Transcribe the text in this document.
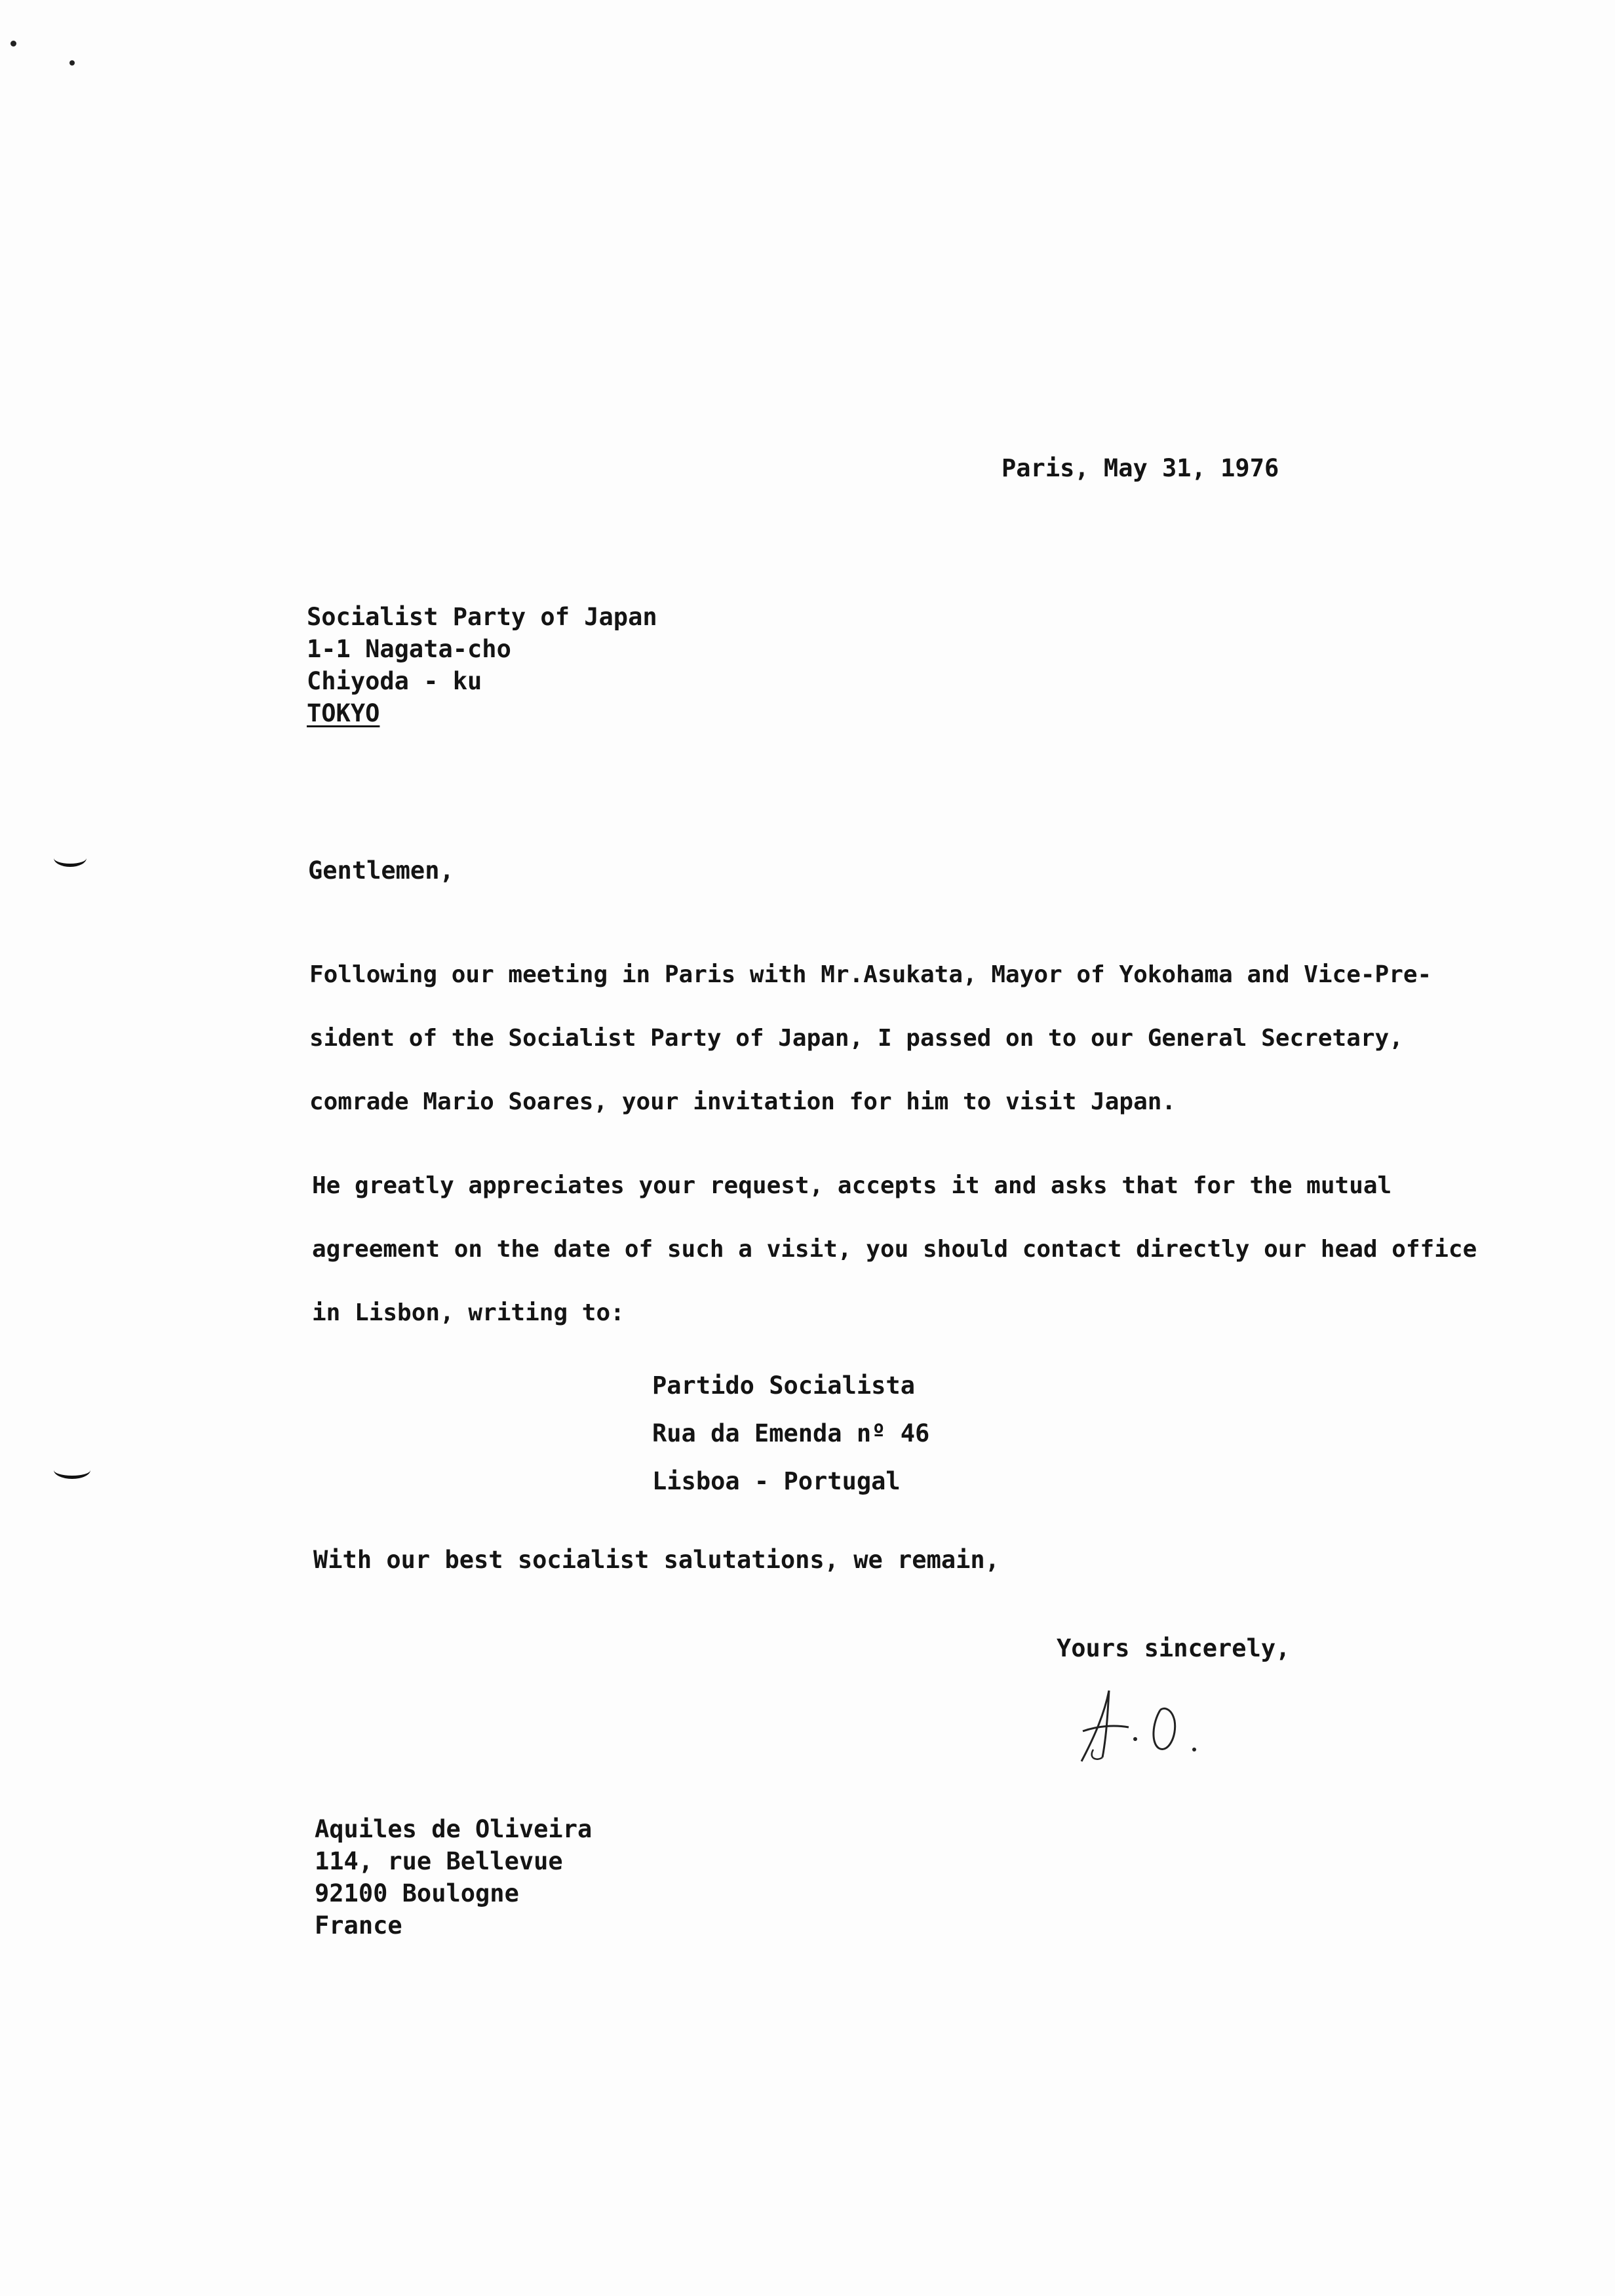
Paris, May 31, 1976
Socialist Party of Japan
1-1 Nagata-cho
Chiyoda - ku
TOKYO
Gentlemen,
Following our meeting in Paris with Mr.Asukata, Mayor of Yokohama and Vice-Pre-
sident of the Socialist Party of Japan, I passed on to our General Secretary,
comrade Mario Soares, your invitation for him to visit Japan.
He greatly appreciates your request, accepts it and asks that for the mutual
agreement on the date of such a visit, you should contact directly our head office
in Lisbon, writing to:
Partido Socialista
Rua da Emenda nº 46
Lisboa - Portugal
With our best socialist salutations, we remain,
Yours sincerely,
Aquiles de Oliveira
114, rue Bellevue
92100 Boulogne
France
